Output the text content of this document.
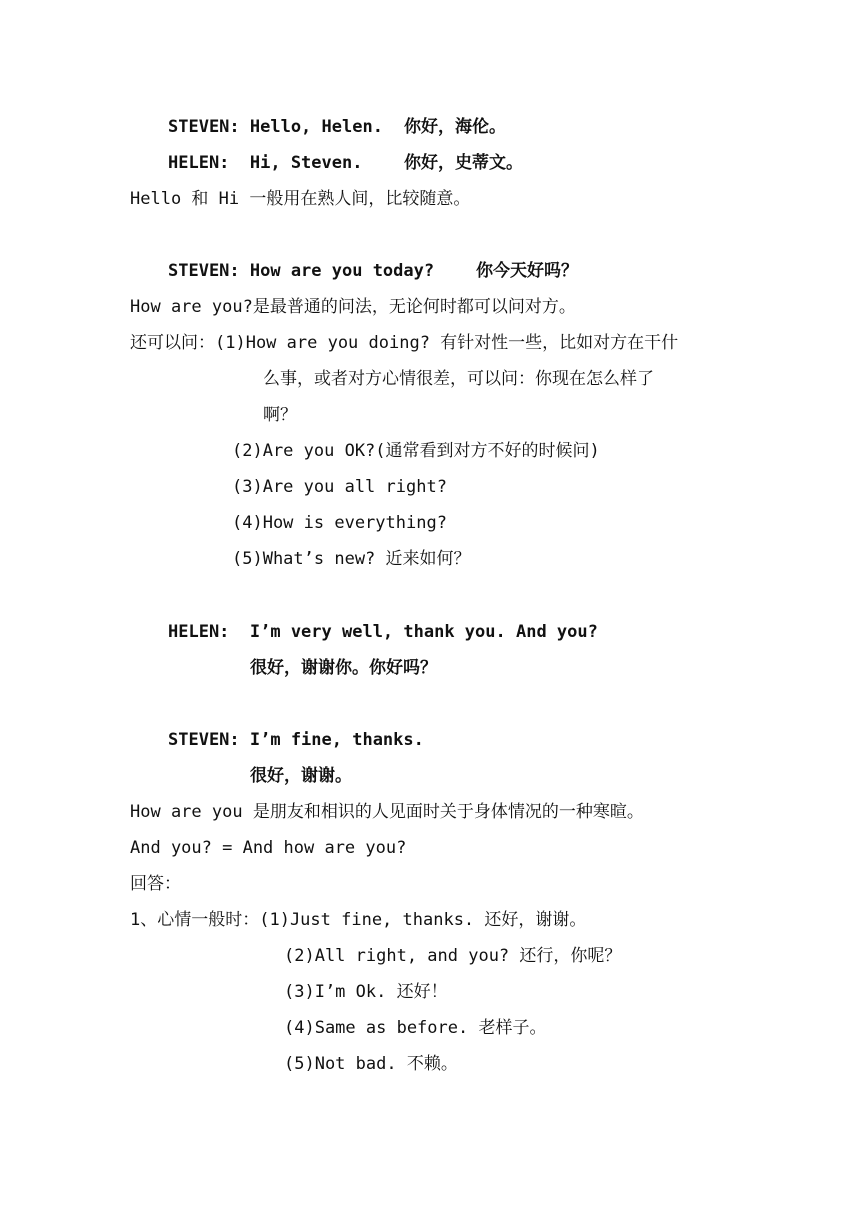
STEVEN: Hello, Helen. 你好，海伦。
HELEN:  Hi, Steven. 你好，史蒂文。
Hello 和 Hi 一般用在熟人间，比较随意。
STEVEN: How are you today? 你今天好吗？
How are you?是最普通的问法，无论何时都可以问对方。
还可以问：(1)How are you doing? 有针对性一些，比如对方在干什
么事，或者对方心情很差，可以问：你现在怎么样了
啊？
(2)Are you OK?(通常看到对方不好的时候问)
(3)Are you all right?
(4)How is everything?
(5)What’s new? 近来如何？
HELEN:  I’m very well, thank you. And you?
很好，谢谢你。你好吗？
STEVEN: I’m fine, thanks.
很好，谢谢。
How are you 是朋友和相识的人见面时关于身体情况的一种寒暄。
And you? = And how are you?
回答：
1、心情一般时：(1)Just fine, thanks. 还好，谢谢。
(2)All right, and you? 还行，你呢？
(3)I’m Ok. 还好！
(4)Same as before. 老样子。
(5)Not bad. 不赖。
